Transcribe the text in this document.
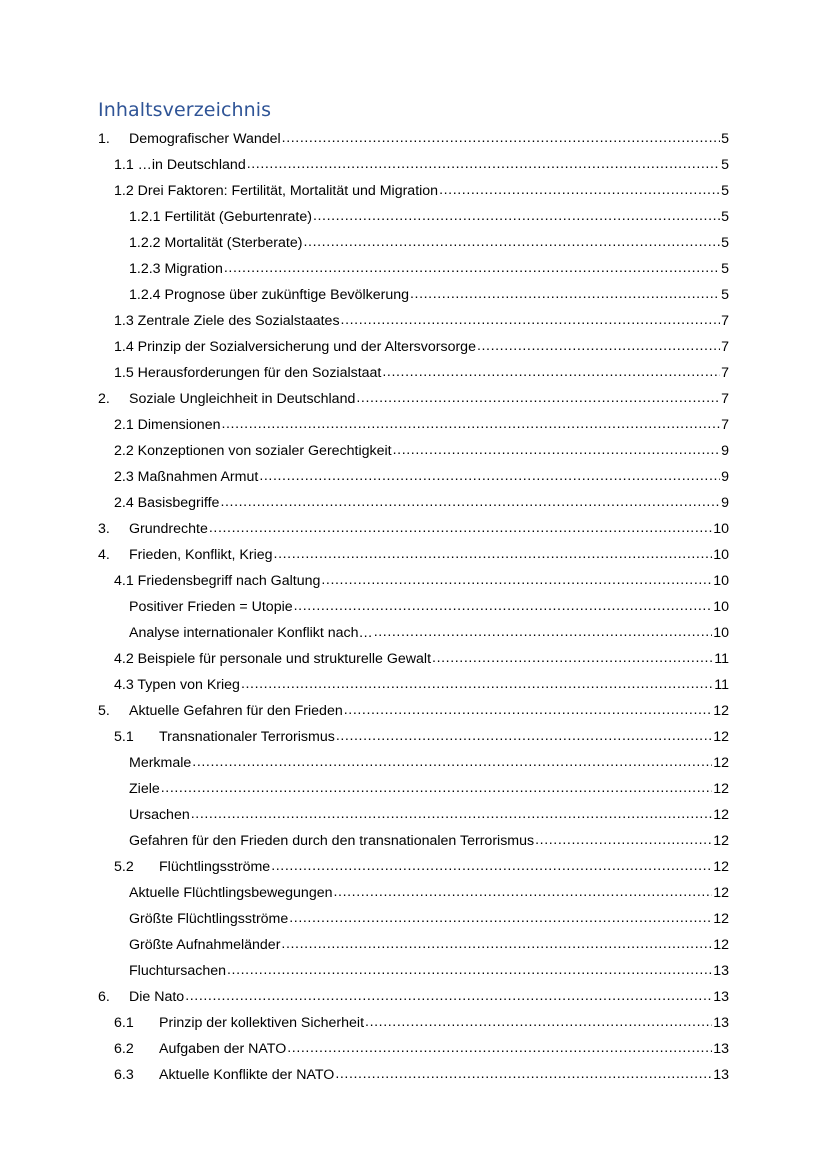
Inhaltsverzeichnis
1.	Demografischer Wandel .....	5
1.1 …in Deutschland .....	5
1.2 Drei Faktoren: Fertilität, Mortalität und Migration .....	5
1.2.1 Fertilität (Geburtenrate) .....	5
1.2.2 Mortalität (Sterberate) .....	5
1.2.3 Migration .....	5
1.2.4 Prognose über zukünftige Bevölkerung .....	5
1.3 Zentrale Ziele des Sozialstaates .....	7
1.4 Prinzip der Sozialversicherung und der Altersvorsorge .....	7
1.5 Herausforderungen für den Sozialstaat .....	7
2.	Soziale Ungleichheit in Deutschland .....	7
2.1 Dimensionen .....	7
2.2 Konzeptionen von sozialer Gerechtigkeit .....	9
2.3 Maßnahmen Armut .....	9
2.4 Basisbegriffe .....	9
3.	Grundrechte .....	10
4.	Frieden, Konflikt, Krieg .....	10
4.1 Friedensbegriff nach Galtung .....	10
Positiver Frieden = Utopie .....	10
Analyse internationaler Konflikt nach… .....	10
4.2 Beispiele für personale und strukturelle Gewalt .....	11
4.3 Typen von Krieg .....	11
5.	Aktuelle Gefahren für den Frieden .....	12
5.1	Transnationaler Terrorismus .....	12
Merkmale .....	12
Ziele .....	12
Ursachen .....	12
Gefahren für den Frieden durch den transnationalen Terrorismus .....	12
5.2	Flüchtlingsströme .....	12
Aktuelle Flüchtlingsbewegungen .....	12
Größte Flüchtlingsströme .....	12
Größte Aufnahmeländer .....	12
Fluchtursachen .....	13
6.	Die Nato .....	13
6.1	Prinzip der kollektiven Sicherheit .....	13
6.2	Aufgaben der NATO .....	13
6.3	Aktuelle Konflikte der NATO .....	13
